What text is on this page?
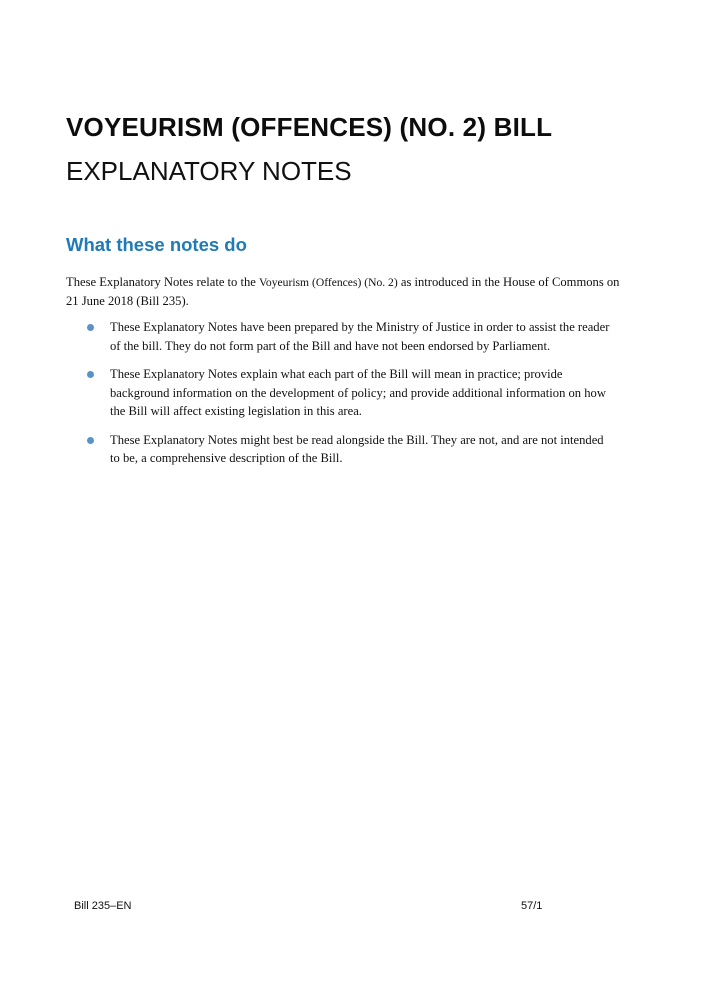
VOYEURISM (OFFENCES) (NO. 2) BILL
EXPLANATORY NOTES
What these notes do

These Explanatory Notes relate to the Voyeurism (Offences) (No. 2) as introduced in the House of Commons on 21 June 2018 (Bill 235).

These Explanatory Notes have been prepared by the Ministry of Justice in order to assist the reader of the bill. They do not form part of the Bill and have not been endorsed by Parliament.
These Explanatory Notes explain what each part of the Bill will mean in practice; provide background information on the development of policy; and provide additional information on how the Bill will affect existing legislation in this area.
These Explanatory Notes might best be read alongside the Bill. They are not, and are not intended to be, a comprehensive description of the Bill.

Bill 235–EN	57/1
